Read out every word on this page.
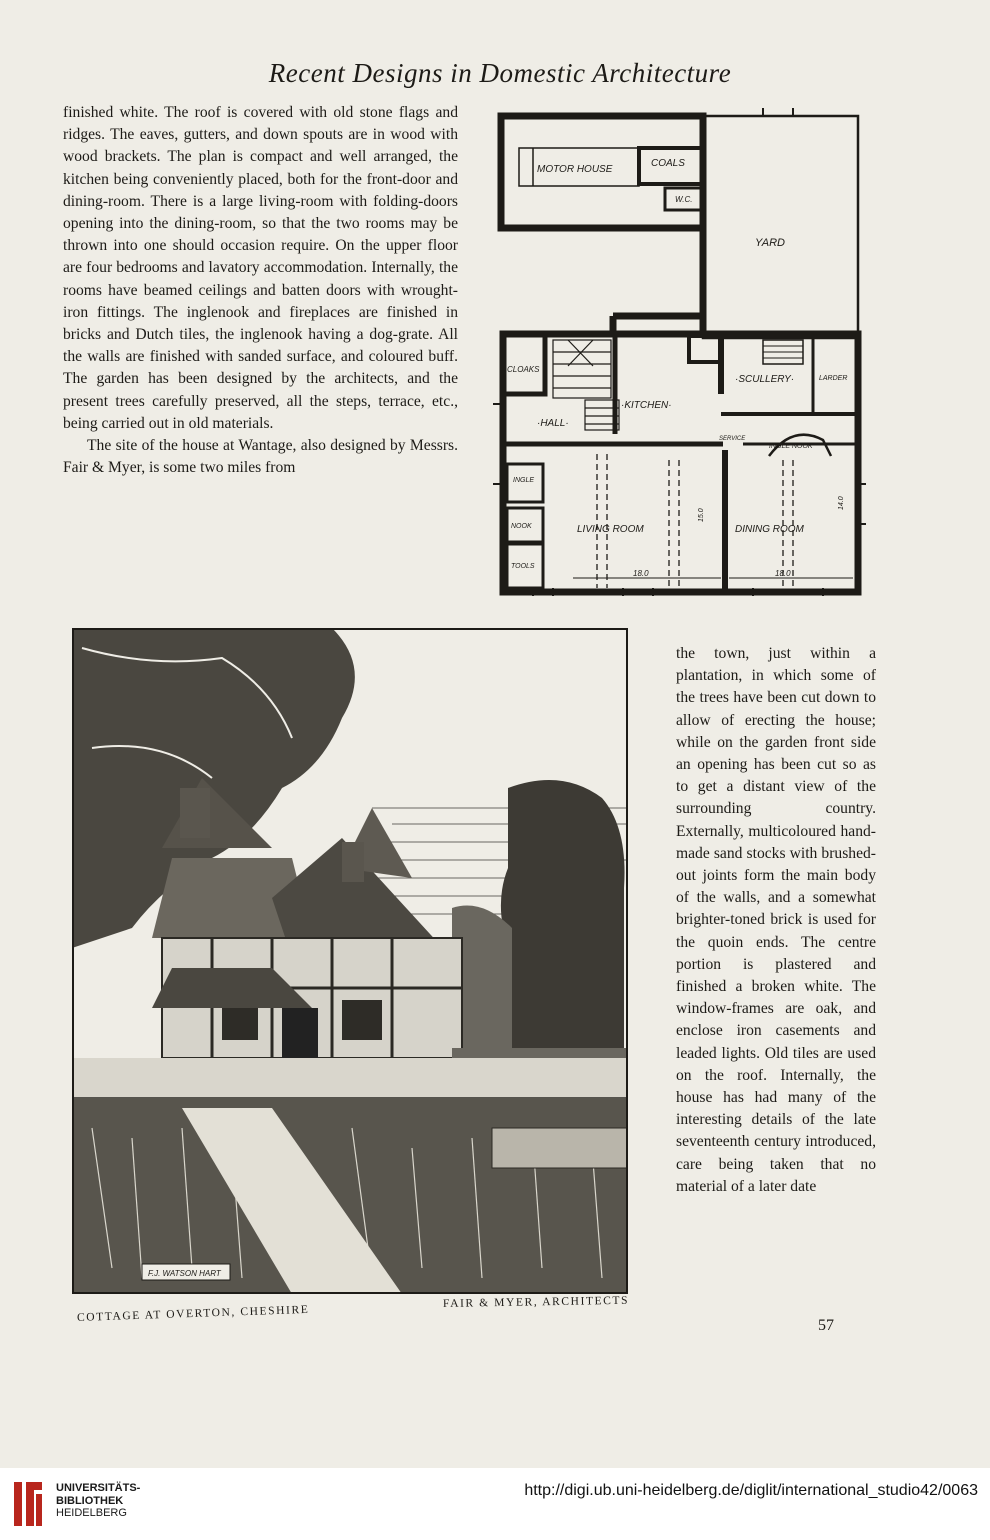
Recent Designs in Domestic Architecture

finished white. The roof is covered with old stone flags and ridges. The eaves, gutters, and down spouts are in wood with wood brackets. The plan is compact and well arranged, the kitchen being conveniently placed, both for the front-door and dining-room. There is a large living-room with folding-doors opening into the dining-room, so that the two rooms may be thrown into one should occasion require. On the upper floor are four bedrooms and lavatory accommodation. Internally, the rooms have beamed ceilings and batten doors with wrought-iron fittings. The inglenook and fireplaces are finished in bricks and Dutch tiles, the inglenook having a dog-grate. All the walls are finished with sanded surface, and coloured buff. The garden has been designed by the architects, and the present trees carefully preserved, all the steps, terrace, etc., being carried out in old materials.

The site of the house at Wantage, also designed by Messrs. Fair & Myer, is some two miles from

MOTOR HOUSE
COALS
W.C.
YARD
CLOAKS
·KITCHEN·
·SCULLERY·	LARDER
·HALL·
SERVICE
INGLE NOOK
INGLE
NOOK
TOOLS
LIVING ROOM	DINING ROOM
18.0	18.0
15.0
14.0
F.J. WATSON HART

the town, just within a plantation, in which some of the trees have been cut down to allow of erecting the house; while on the garden front side an opening has been cut so as to get a distant view of the surrounding country. Externally, multicoloured hand-made sand stocks with brushed-out joints form the main body of the walls, and a somewhat brighter-toned brick is used for the quoin ends. The centre portion is plastered and finished a broken white. The window-frames are oak, and enclose iron casements and leaded lights. Old tiles are used on the roof. Internally, the house has had many of the interesting details of the late seventeenth century introduced, care being taken that no material of a later date

COTTAGE AT OVERTON, CHESHIRE
FAIR & MYER, ARCHITECTS
57
UNIVERSITÄTS-
BIBLIOTHEK
HEIDELBERG
http://digi.ub.uni-heidelberg.de/diglit/international_studio42/0063
